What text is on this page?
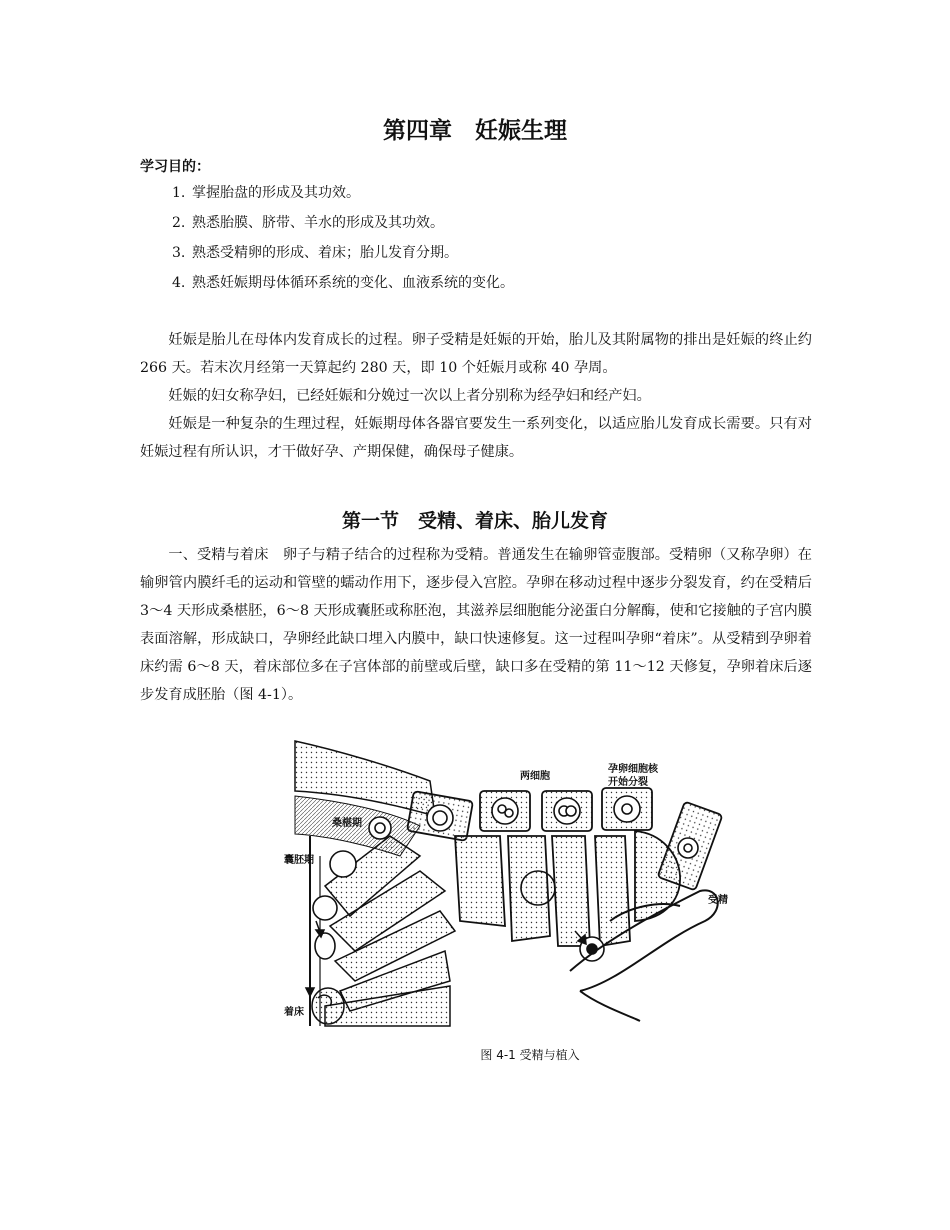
第四章　妊娠生理
学习目的：
1. 掌握胎盘的形成及其功效。
2. 熟悉胎膜、脐带、羊水的形成及其功效。
3. 熟悉受精卵的形成、着床；胎儿发育分期。
4. 熟悉妊娠期母体循环系统的变化、血液系统的变化。

妊娠是胎儿在母体内发育成长的过程。卵子受精是妊娠的开始，胎儿及其附属物的排出是妊娠的终止约 266 天。若末次月经第一天算起约 280 天，即 10 个妊娠月或称 40 孕周。

妊娠的妇女称孕妇，已经妊娠和分娩过一次以上者分别称为经孕妇和经产妇。

妊娠是一种复杂的生理过程，妊娠期母体各器官要发生一系列变化，以适应胎儿发育成长需要。只有对妊娠过程有所认识，才干做好孕、产期保健，确保母子健康。

第一节　受精、着床、胎儿发育

一、受精与着床　卵子与精子结合的过程称为受精。普通发生在输卵管壶腹部。受精卵（又称孕卵）在输卵管内膜纤毛的运动和管壁的蠕动作用下，逐步侵入宫腔。孕卵在移动过程中逐步分裂发育，约在受精后 3～4 天形成桑椹胚，6～8 天形成囊胚或称胚泡，其滋养层细胞能分泌蛋白分解酶，使和它接触的子宫内膜表面溶解，形成缺口，孕卵经此缺口埋入内膜中，缺口快速修复。这一过程叫孕卵“着床”。从受精到孕卵着床约需 6～8 天，着床部位多在子宫体部的前壁或后壁，缺口多在受精的第 11～12 天修复，孕卵着床后逐步发育成胚胎（图 4-1）。

两细胞
孕卵细胞核
开始分裂
桑椹期
囊胚期
受精
着床

图 4-1 受精与植入
